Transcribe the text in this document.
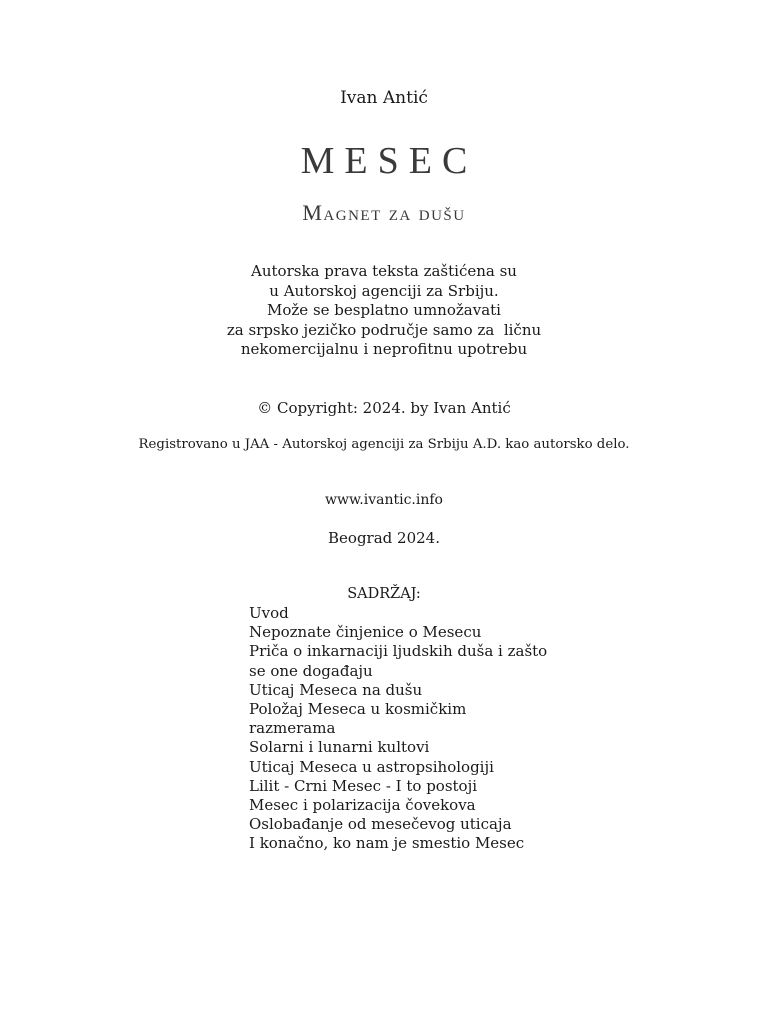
Ivan Antić
MESEC
Magnet za dušu
Autorska prava teksta zaštićena su
u Autorskoj agenciji za Srbiju.
Može se besplatno umnožavati
za srpsko jezičko područje samo za  ličnu
nekomercijalnu i neprofitnu upotrebu
© Copyright: 2024. by Ivan Antić
Registrovano u JAA - Autorskoj agenciji za Srbiju A.D. kao autorsko delo.
www.ivantic.info
Beograd 2024.
SADRŽAJ:
Uvod
Nepoznate činjenice o Mesecu
Priča o inkarnaciji ljudskih duša i zašto
se one događaju
Uticaj Meseca na dušu
Položaj Meseca u kosmičkim
razmerama
Solarni i lunarni kultovi
Uticaj Meseca u astropsihologiji
Lilit - Crni Mesec - I to postoji
Mesec i polarizacija čovekova
Oslobađanje od mesečevog uticaja
I konačno, ko nam je smestio Mesec
